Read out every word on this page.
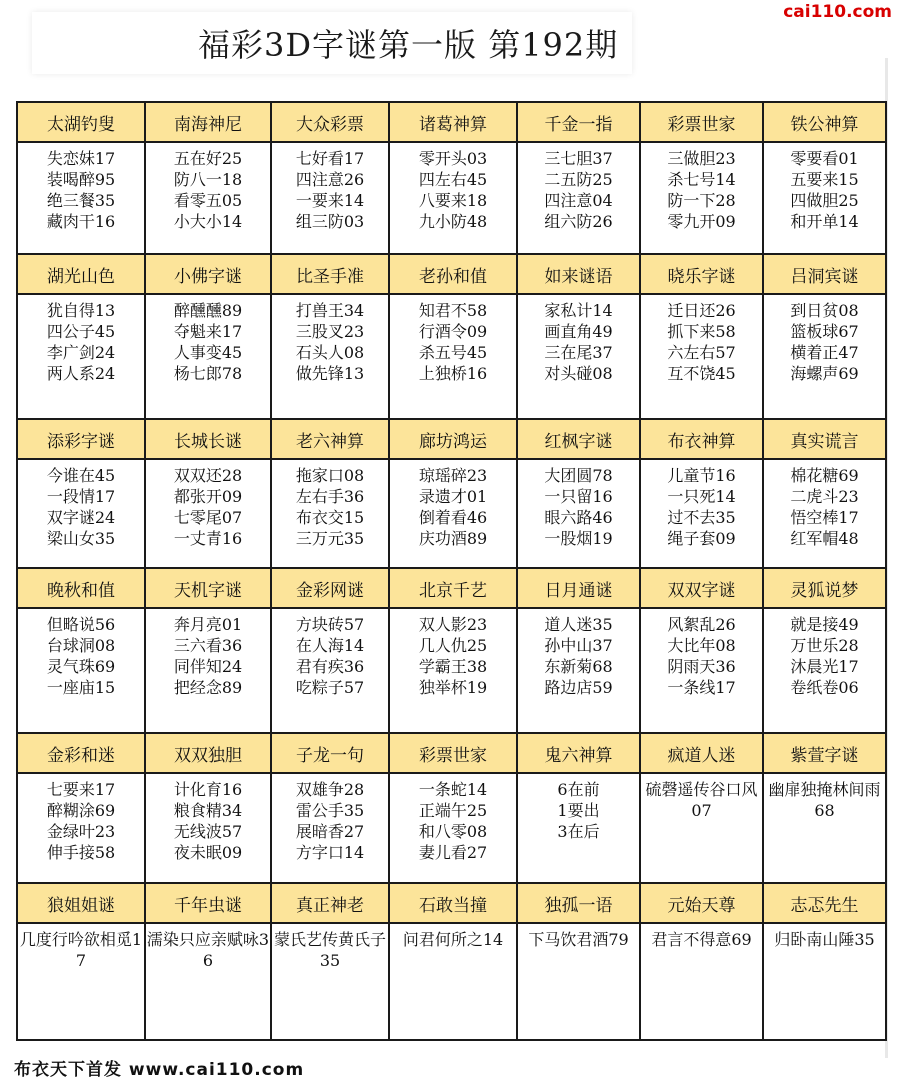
福彩3D字谜第一版 第192期
cai110.com
太湖钓叟	南海神尼	大众彩票	诸葛神算	千金一指	彩票世家	铁公神算

失恋妹17
装喝醉95
绝三餐35
藏肉干16	五在好25
防八一18
看零五05
小大小14	七好看17
四注意26
一要来14
组三防03	零开头03
四左右45
八要来18
九小防48	三七胆37
二五防25
四注意04
组六防26	三做胆23
杀七号14
防一下28
零九开09	零要看01
五要来15
四做胆25
和开单14

湖光山色	小佛字谜	比圣手准	老孙和值	如来谜语	晓乐字谜	吕洞宾谜

犹自得13
四公子45
李广剑24
两人系24	醉醺醺89
夺魁来17
人事变45
杨七郎78	打兽王34
三股叉23
石头人08
做先锋13	知君不58
行酒令09
杀五号45
上独桥16	家私计14
画直角49
三在尾37
对头碰08	迁日还26
抓下来58
六左右57
互不饶45	到日贫08
篮板球67
横着正47
海螺声69

添彩字谜	长城长谜	老六神算	廊坊鸿运	红枫字谜	布衣神算	真实谎言

今谁在45
一段情17
双字谜24
梁山女35	双双还28
都张开09
七零尾07
一丈青16	拖家口08
左右手36
布衣交15
三万元35	琼瑶碎23
录遗才01
倒着看46
庆功酒89	大团圆78
一只留16
眼六路46
一股烟19	儿童节16
一只死14
过不去35
绳子套09	棉花糖69
二虎斗23
悟空棒17
红军帽48

晚秋和值	天机字谜	金彩网谜	北京千艺	日月通谜	双双字谜	灵狐说梦

但略说56
台球洞08
灵气珠69
一座庙15	奔月亮01
三六看36
同伴知24
把经念89	方块砖57
在人海14
君有疾36
吃粽子57	双人影23
几人仇25
学霸王38
独举杯19	道人迷35
孙中山37
东新菊68
路边店59	风絮乱26
大比年08
阴雨天36
一条线17	就是接49
万世乐28
沐晨光17
卷纸卷06

金彩和迷	双双独胆	子龙一句	彩票世家	鬼六神算	疯道人迷	紫萱字谜

七要来17
醉糊涂69
金绿叶23
伸手接58	计化育16
粮食精34
无线波57
夜未眠09	双雄争28
雷公手35
展暗香27
方字口14	一条蛇14
正端午25
和八零08
妻儿看27	6在前
1要出
3在后	硫磬遥传谷口风07	幽扉独掩林间雨68

狼姐姐谜	千年虫谜	真正神老	石敢当撞	独孤一语	元始天尊	志忑先生

几度行吟欲相觅17	濡染只应亲赋咏36	蒙氏艺传黄氏子35	问君何所之14	下马饮君酒79	君言不得意69	归卧南山陲35
布衣天下首发 www.cai110.com
